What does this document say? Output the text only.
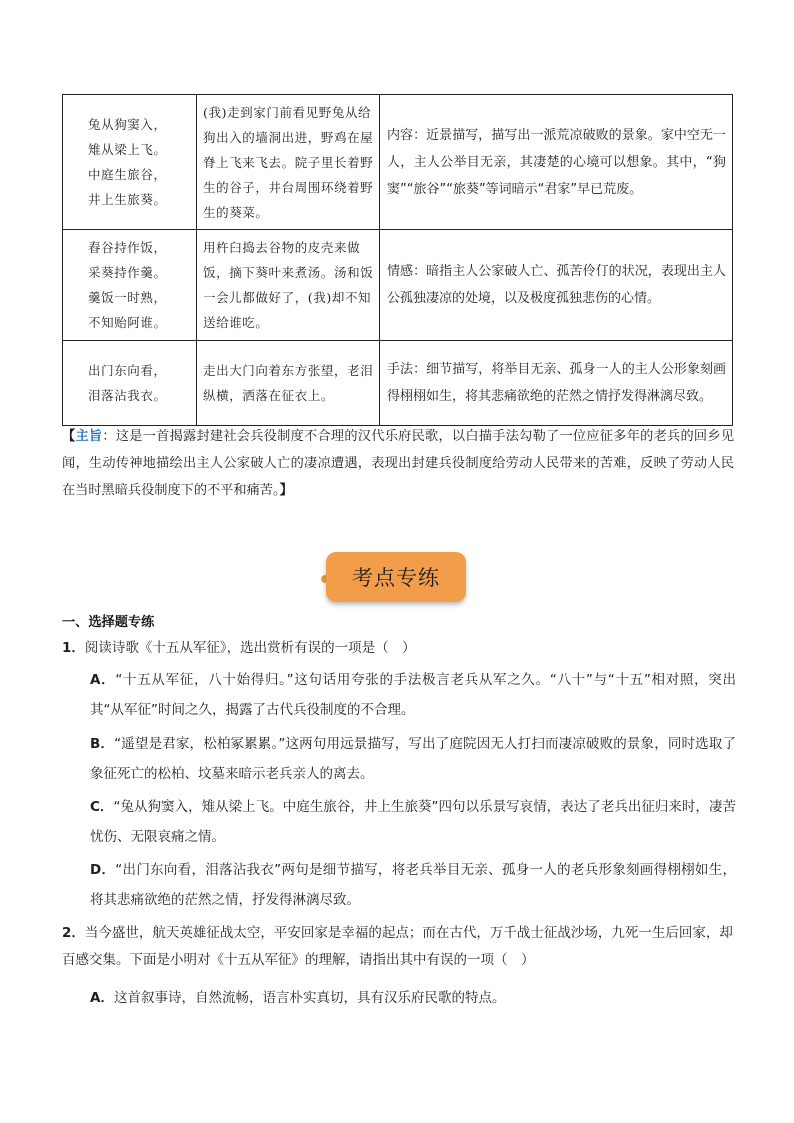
兔从狗窦入，
雉从梁上飞。
中庭生旅谷，
井上生旅葵。	(我)走到家门前看见野兔从给狗出入的墙洞出进，野鸡在屋脊上飞来飞去。院子里长着野生的谷子，井台周围环绕着野生的葵菜。	内容：近景描写，描写出一派荒凉破败的景象。家中空无一人，主人公举目无亲，其凄楚的心境可以想象。其中，“狗窦”“旅谷”“旅葵”等词暗示“君家”早已荒废。

舂谷持作饭，
采葵持作羹。
羹饭一时熟，
不知贻阿谁。	用杵臼捣去谷物的皮壳来做饭，摘下葵叶来煮汤。汤和饭一会儿都做好了，(我)却不知送给谁吃。	情感：暗指主人公家破人亡、孤苦伶仃的状况，表现出主人公孤独凄凉的处境，以及极度孤独悲伤的心情。

出门东向看，
泪落沾我衣。	走出大门向着东方张望，老泪纵横，洒落在征衣上。	手法：细节描写，将举目无亲、孤身一人的主人公形象刻画得栩栩如生，将其悲痛欲绝的茫然之情抒发得淋漓尽致。
【主旨：这是一首揭露封建社会兵役制度不合理的汉代乐府民歌，以白描手法勾勒了一位应征多年的老兵的回乡见闻，生动传神地描绘出主人公家破人亡的凄凉遭遇，表现出封建兵役制度给劳动人民带来的苦难，反映了劳动人民在当时黑暗兵役制度下的不平和痛苦。】
考点专练
一、选择题专练
1．阅读诗歌《十五从军征》，选出赏析有误的一项是（　）
A．“十五从军征，八十始得归。”这句话用夸张的手法极言老兵从军之久。“八十”与“十五”相对照，突出其“从军征”时间之久，揭露了古代兵役制度的不合理。
B．“遥望是君家，松柏冢累累。”这两句用远景描写，写出了庭院因无人打扫而凄凉破败的景象，同时选取了象征死亡的松柏、坟墓来暗示老兵亲人的离去。
C．“兔从狗窦入，雉从梁上飞。中庭生旅谷，井上生旅葵”四句以乐景写哀情，表达了老兵出征归来时，凄苦忧伤、无限哀痛之情。
D．“出门东向看，泪落沾我衣”两句是细节描写，将老兵举目无亲、孤身一人的老兵形象刻画得栩栩如生，将其悲痛欲绝的茫然之情，抒发得淋漓尽致。
2．当今盛世，航天英雄征战太空，平安回家是幸福的起点；而在古代，万千战士征战沙场，九死一生后回家，却百感交集。下面是小明对《十五从军征》的理解，请指出其中有误的一项（　）
A．这首叙事诗，自然流畅，语言朴实真切，具有汉乐府民歌的特点。
